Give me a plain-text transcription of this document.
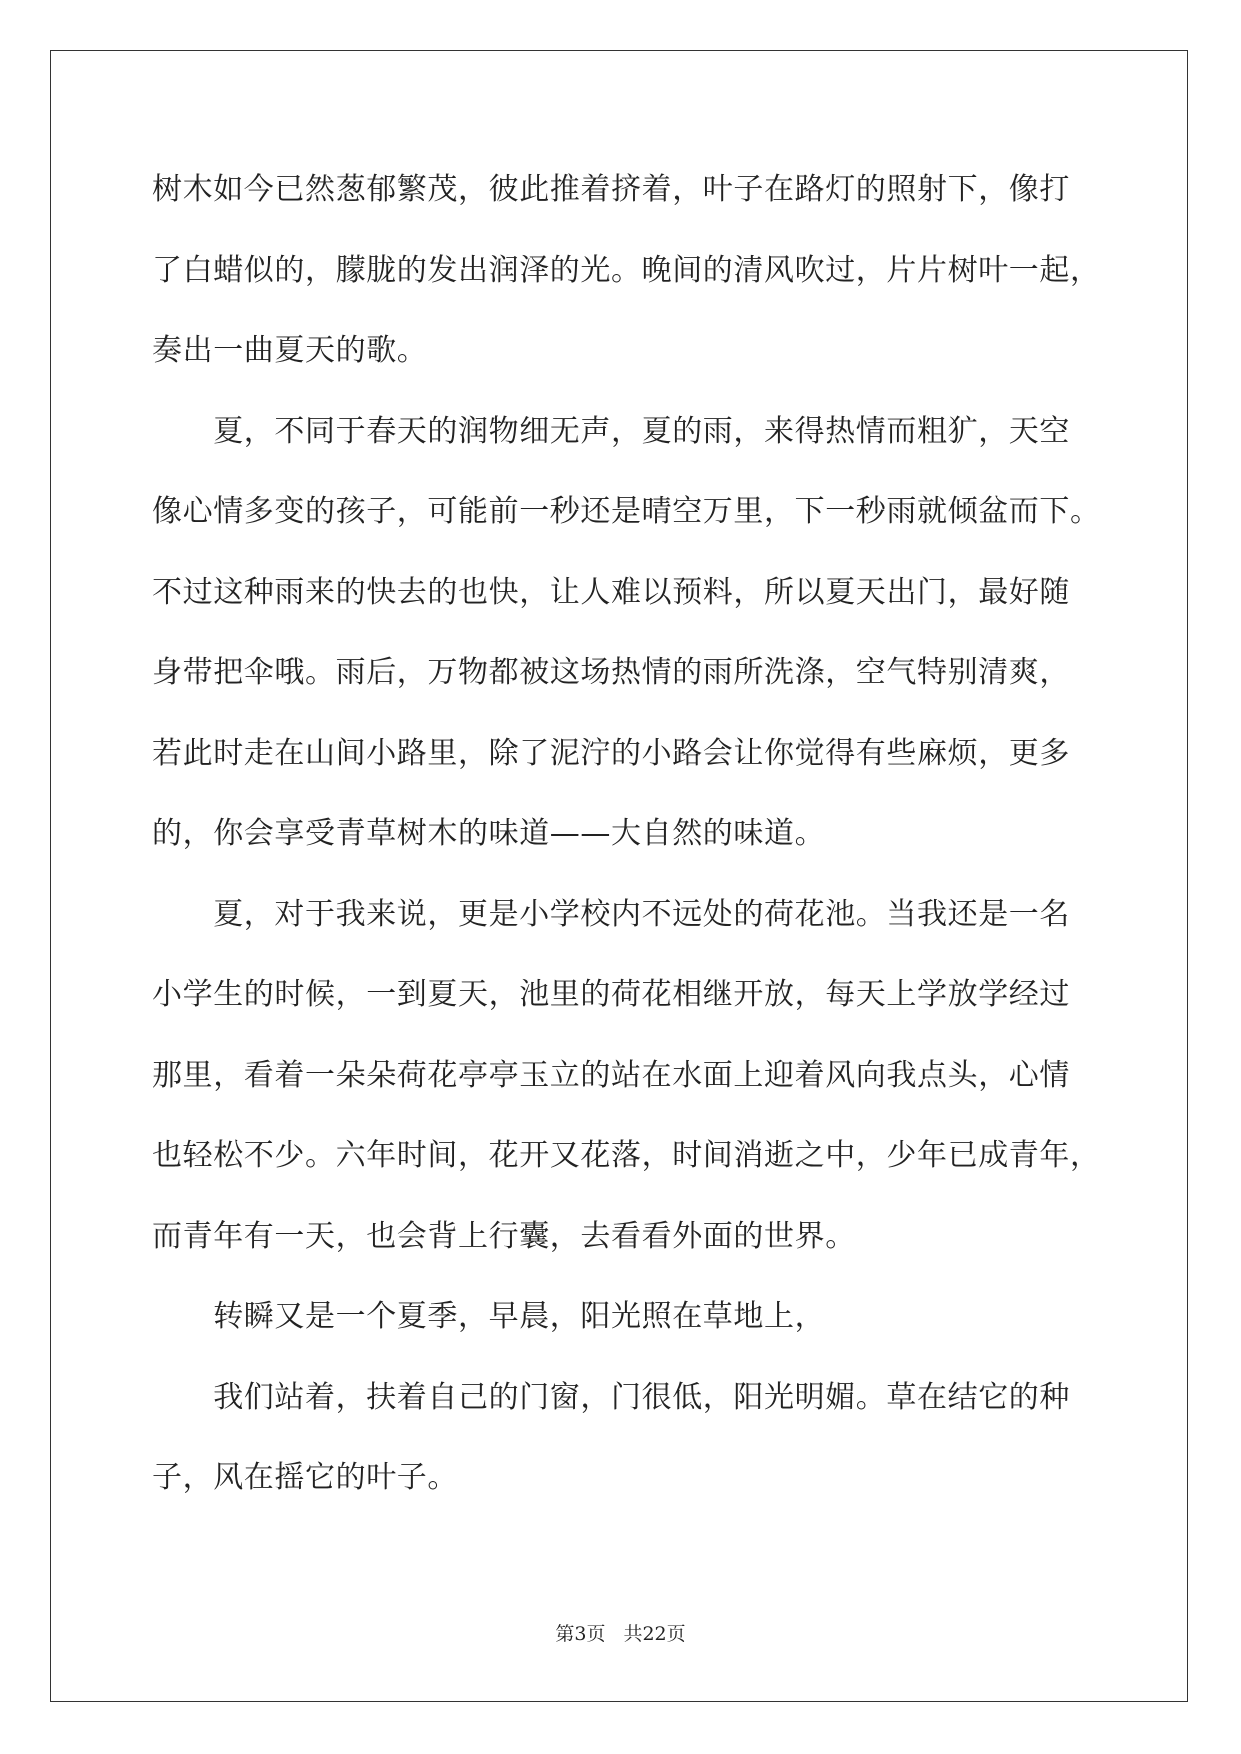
树木如今已然葱郁繁茂，彼此推着挤着，叶子在路灯的照射下，像打
了白蜡似的，朦胧的发出润泽的光。晚间的清风吹过，片片树叶一起，
奏出一曲夏天的歌。
　　夏，不同于春天的润物细无声，夏的雨，来得热情而粗犷，天空
像心情多变的孩子，可能前一秒还是晴空万里，下一秒雨就倾盆而下。
不过这种雨来的快去的也快，让人难以预料，所以夏天出门，最好随
身带把伞哦。雨后，万物都被这场热情的雨所洗涤，空气特别清爽，
若此时走在山间小路里，除了泥泞的小路会让你觉得有些麻烦，更多
的，你会享受青草树木的味道——大自然的味道。
　　夏，对于我来说，更是小学校内不远处的荷花池。当我还是一名
小学生的时候，一到夏天，池里的荷花相继开放，每天上学放学经过
那里，看着一朵朵荷花亭亭玉立的站在水面上迎着风向我点头，心情
也轻松不少。六年时间，花开又花落，时间消逝之中，少年已成青年，
而青年有一天，也会背上行囊，去看看外面的世界。
　　转瞬又是一个夏季，早晨，阳光照在草地上，
　　我们站着，扶着自己的门窗，门很低，阳光明媚。草在结它的种
子，风在摇它的叶子。
第3页 共22页
